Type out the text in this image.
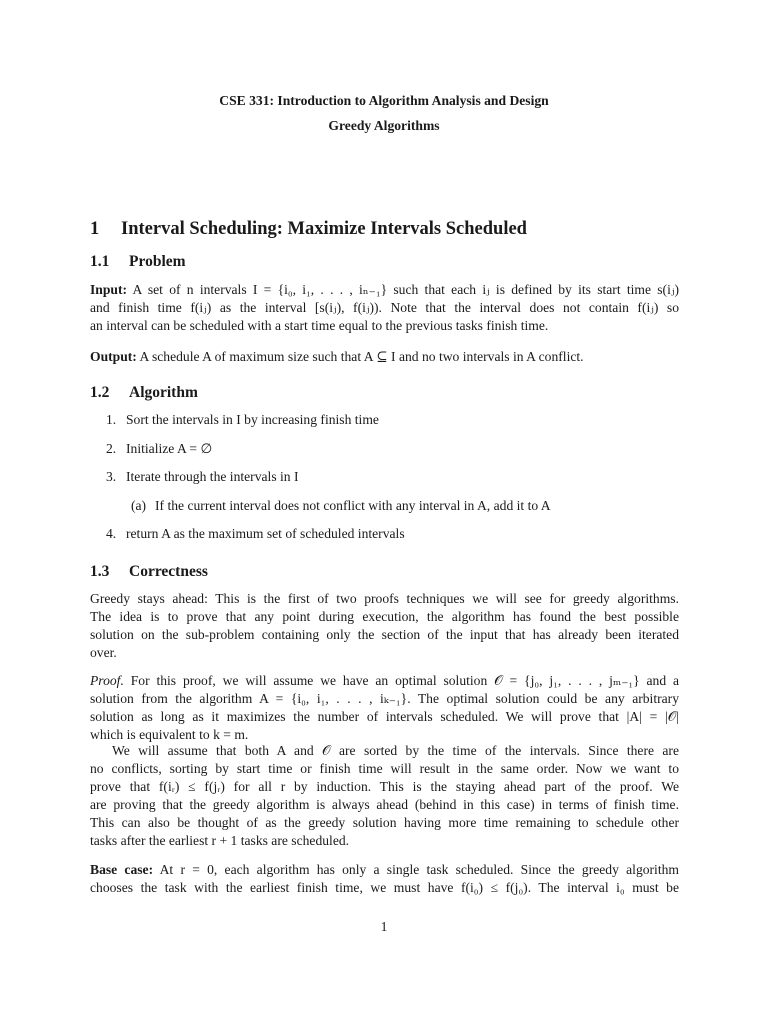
CSE 331: Introduction to Algorithm Analysis and Design
Greedy Algorithms
1 Interval Scheduling: Maximize Intervals Scheduled
1.1 Problem
Input: A set of n intervals I = {i₀, i₁, . . . , iₙ₋₁} such that each iⱼ is defined by its start time s(iⱼ)
and finish time f(iⱼ) as the interval [s(iⱼ), f(iⱼ)). Note that the interval does not contain f(iⱼ) so
an interval can be scheduled with a start time equal to the previous tasks finish time.
Output: A schedule A of maximum size such that A ⊆ I and no two intervals in A conflict.
1.2 Algorithm
1. Sort the intervals in I by increasing finish time
2. Initialize A = ∅
3. Iterate through the intervals in I
(a) If the current interval does not conflict with any interval in A, add it to A
4. return A as the maximum set of scheduled intervals
1.3 Correctness
Greedy stays ahead: This is the first of two proofs techniques we will see for greedy algorithms.
The idea is to prove that any point during execution, the algorithm has found the best possible
solution on the sub-problem containing only the section of the input that has already been iterated
over.
Proof. For this proof, we will assume we have an optimal solution 𝒪 = {j₀, j₁, . . . , jₘ₋₁} and a
solution from the algorithm A = {i₀, i₁, . . . , iₖ₋₁}. The optimal solution could be any arbitrary
solution as long as it maximizes the number of intervals scheduled. We will prove that |A| = |𝒪|
which is equivalent to k = m.
We will assume that both A and 𝒪 are sorted by the time of the intervals. Since there are
no conflicts, sorting by start time or finish time will result in the same order. Now we want to
prove that f(iᵣ) ≤ f(jᵣ) for all r by induction. This is the staying ahead part of the proof. We
are proving that the greedy algorithm is always ahead (behind in this case) in terms of finish time.
This can also be thought of as the greedy solution having more time remaining to schedule other
tasks after the earliest r + 1 tasks are scheduled.
Base case: At r = 0, each algorithm has only a single task scheduled. Since the greedy algorithm
chooses the task with the earliest finish time, we must have f(i₀) ≤ f(j₀). The interval i₀ must be
1
